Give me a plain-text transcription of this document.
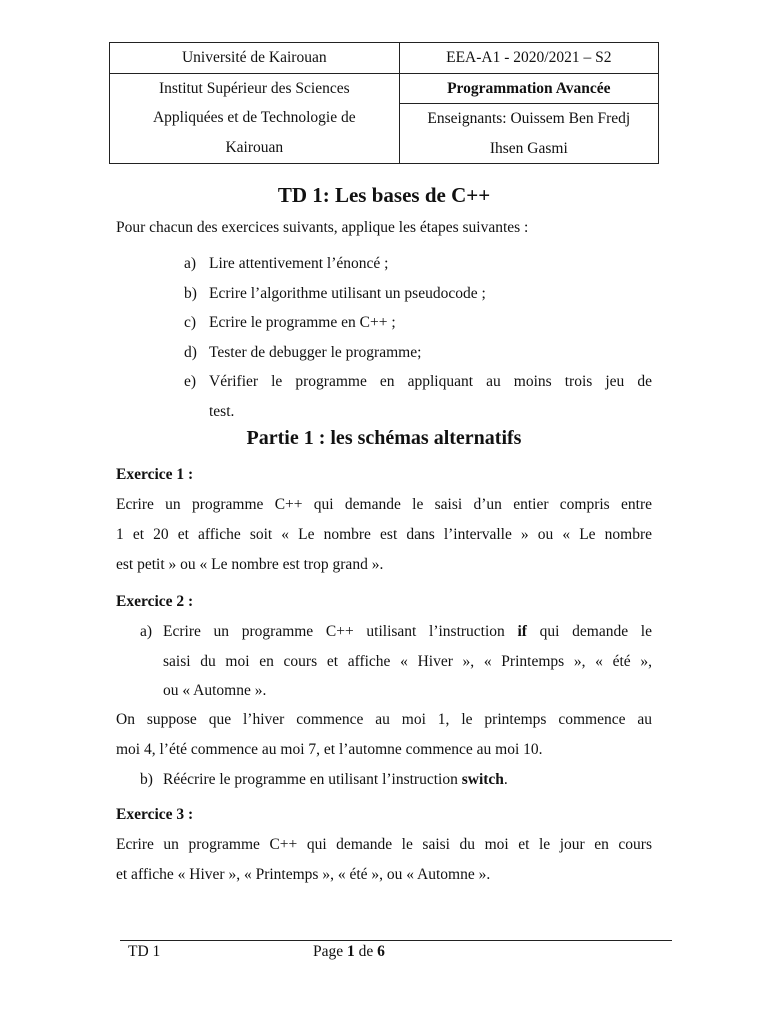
Université de Kairouan	EEA-A1 - 2020/2021 – S2

Institut Supérieur des Sciences
Appliquées et de Technologie de
Kairouan	Programmation Avancée
Enseignants: Ouissem Ben Fredj
Ihsen Gasmi
TD 1: Les bases de C++
Pour chacun des exercices suivants, applique les étapes suivantes :
a) Lire attentivement l’énoncé ;
b) Ecrire l’algorithme utilisant un pseudocode ;
c) Ecrire le programme en C++ ;
d) Tester de debugger le programme;
e) Vérifier le programme en appliquant au moins trois jeu de
test.
Partie 1 : les schémas alternatifs
Exercice 1 :
Ecrire un programme C++ qui demande le saisi d’un entier compris entre
1 et 20 et affiche soit « Le nombre est dans l’intervalle » ou « Le nombre
est petit » ou « Le nombre est trop grand ».
Exercice 2 :
a) Ecrire un programme C++ utilisant l’instruction if qui demande le
saisi du moi en cours et affiche « Hiver », « Printemps », « été »,
ou « Automne ».
On suppose que l’hiver commence au moi 1, le printemps commence au
moi 4, l’été commence au moi 7, et l’automne commence au moi 10.
b) Réécrire le programme en utilisant l’instruction switch.
Exercice 3 :
Ecrire un programme C++ qui demande le saisi du moi et le jour en cours
et affiche « Hiver », « Printemps », « été », ou « Automne ».
TD 1	Page 1 de 6
